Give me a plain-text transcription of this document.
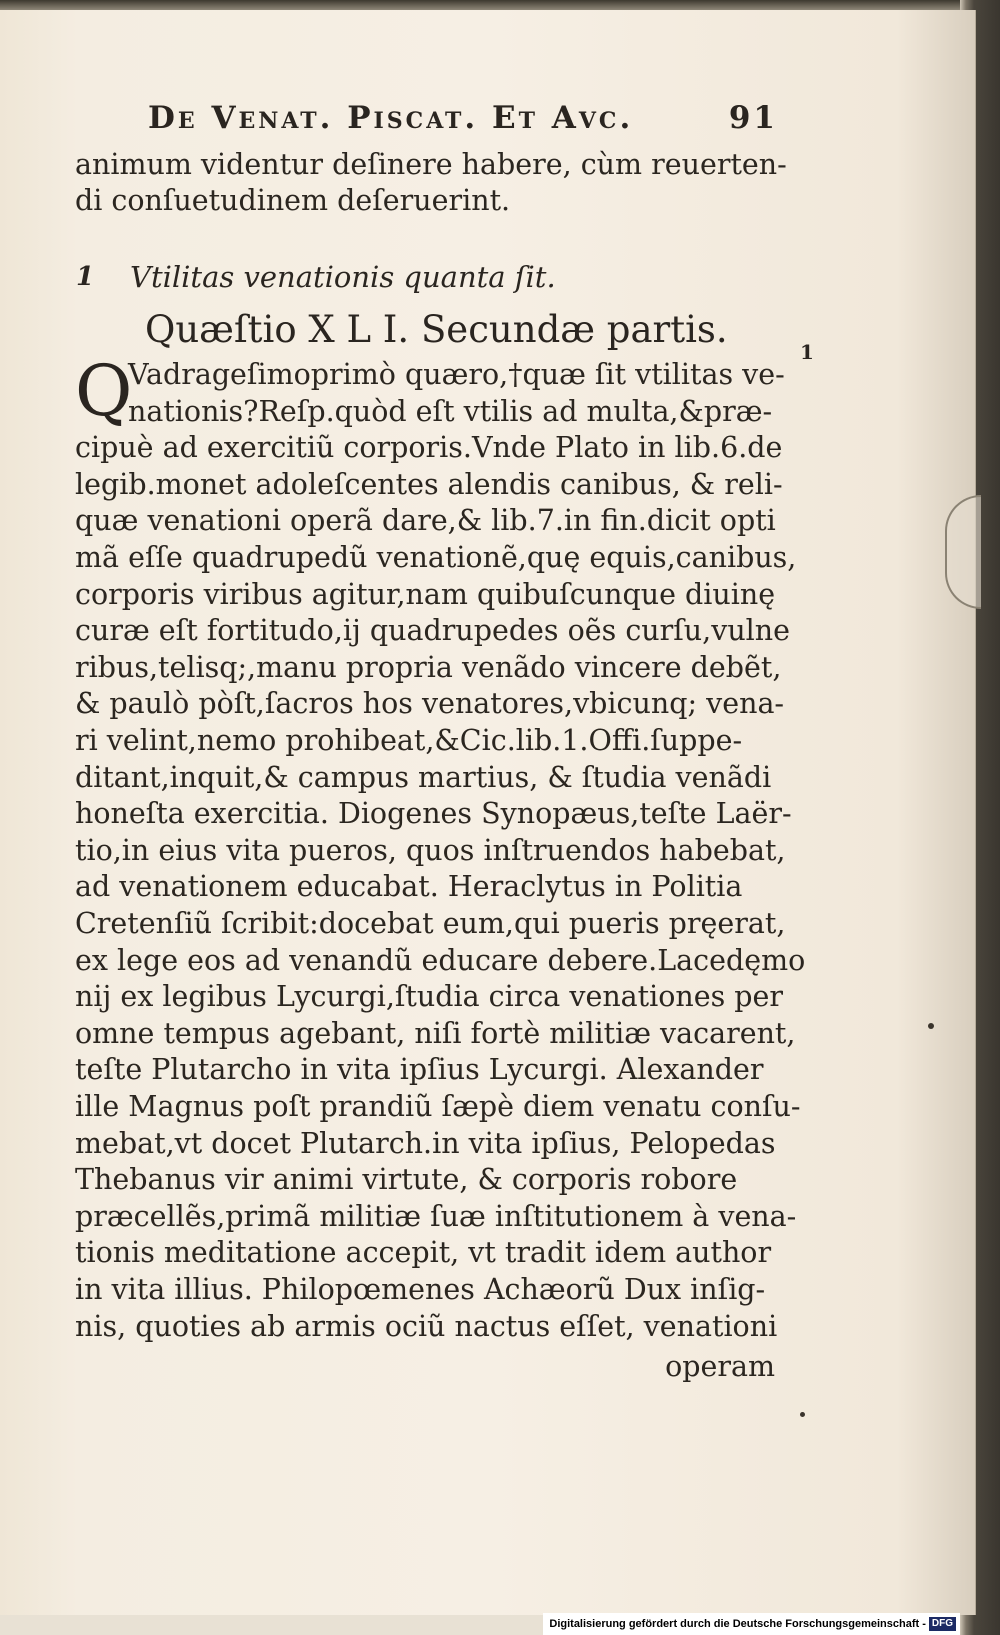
De Venat. Piscat. Et Avc.	91
animum videntur deſinere habere, cùm reuerten-
di conſuetudinem deſeruerint.
1 Vtilitas venationis quanta ſit.
Quæſtio X L I. Secundæ partis.
1
Q
Vadrageſimoprimò quæro,†quæ ſit vtilitas ve-
nationis?Reſp.quòd eſt vtilis ad multa,&præ-
cipuè ad exercitiũ corporis.Vnde Plato in lib.6.de
legib.monet adoleſcentes alendis canibus, & reli-
quæ venationi operã dare,& lib.7.in fin.dicit opti
mã eſſe quadrupedũ venationẽ,quę equis,canibus,
corporis viribus agitur,nam quibuſcunque diuinę
curæ eſt fortitudo,ij quadrupedes oẽs curſu,vulne
ribus,telisq;,manu propria venãdo vincere debẽt,
& paulò pòſt,ſacros hos venatores,vbicunq; vena-
ri velint,nemo prohibeat,&Cic.lib.1.Offi.ſuppe-
ditant,inquit,& campus martius, & ſtudia venãdi
honeſta exercitia. Diogenes Synopæus,teſte Laër-
tio,in eius vita pueros, quos inſtruendos habebat,
ad venationem educabat. Heraclytus in Politia
Cretenſiũ ſcribit:docebat eum,qui pueris pręerat,
ex lege eos ad venandũ educare debere.Lacedęmo
nij ex legibus Lycurgi,ſtudia circa venationes per
omne tempus agebant, niſi fortè militiæ vacarent,
teſte Plutarcho in vita ipſius Lycurgi. Alexander
ille Magnus poſt prandiũ ſæpè diem venatu conſu-
mebat,vt docet Plutarch.in vita ipſius, Pelopedas
Thebanus vir animi virtute, & corporis robore
præcellẽs,primã militiæ ſuæ inſtitutionem à vena-
tionis meditatione accepit, vt tradit idem author
in vita illius. Philopœmenes Achæorũ Dux inſig-
nis, quoties ab armis ociũ nactus eſſet, venationi
operam
Digitalisierung gefördert durch die Deutsche Forschungsgemeinschaft - DFG
